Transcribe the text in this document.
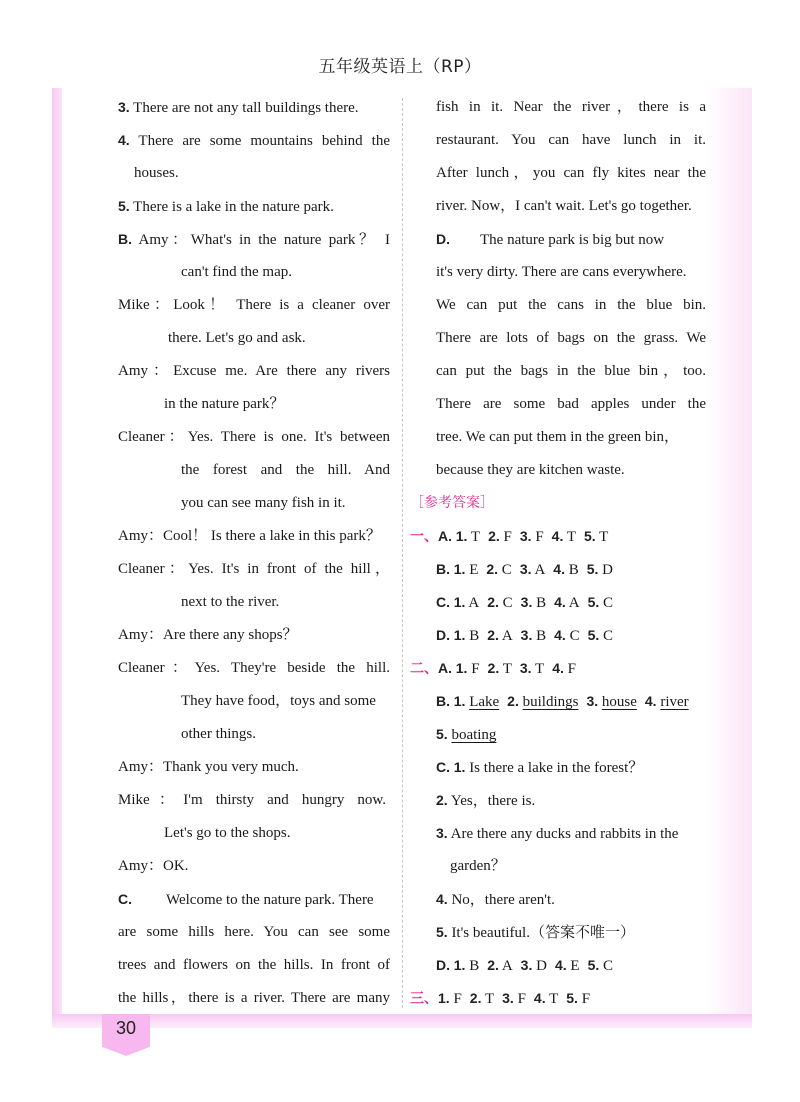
五年级英语上（RP）
30
3. There are not any tall buildings there.
4. There are some mountains behind the
houses.
5. There is a lake in the nature park.
B. Amy：What's in the nature park？ I
can't find the map.
Mike：Look！ There is a cleaner over
there. Let's go and ask.
Amy：Excuse me. Are there any rivers
in the nature park？
Cleaner：Yes. There is one. It's between
the forest and the hill. And
you can see many fish in it.
Amy：Cool！ Is there a lake in this park？
Cleaner：Yes. It's in front of the hill，
next to the river.
Amy：Are there any shops？
Cleaner：Yes. They're beside the hill.
They have food，toys and some
other things.
Amy：Thank you very much.
Mike：I'm thirsty and hungry now.
Let's go to the shops.
Amy：OK.
C. Welcome to the nature park. There
are some hills here. You can see some
trees and flowers on the hills. In front of
the hills，there is a river. There are many
fish in it. Near the river，there is a
restaurant. You can have lunch in it.
After lunch，you can fly kites near the
river. Now，I can't wait. Let's go together.
D. The nature park is big but now
it's very dirty. There are cans everywhere.
We can put the cans in the blue bin.
There are lots of bags on the grass. We
can put the bags in the blue bin，too.
There are some bad apples under the
tree. We can put them in the green bin，
because they are kitchen waste.
［参考答案］
一、A. 1. T 2. F 3. F 4. T 5. T
B. 1. E 2. C 3. A 4. B 5. D
C. 1. A 2. C 3. B 4. A 5. C
D. 1. B 2. A 3. B 4. C 5. C
二、A. 1. F 2. T 3. T 4. F
B. 1. Lake 2. buildings 3. house 4. river
5. boating
C. 1. Is there a lake in the forest？
2. Yes，there is.
3. Are there any ducks and rabbits in the
garden？
4. No，there aren't.
5. It's beautiful.（答案不唯一）
D. 1. B 2. A 3. D 4. E 5. C
三、1. F 2. T 3. F 4. T 5. F
